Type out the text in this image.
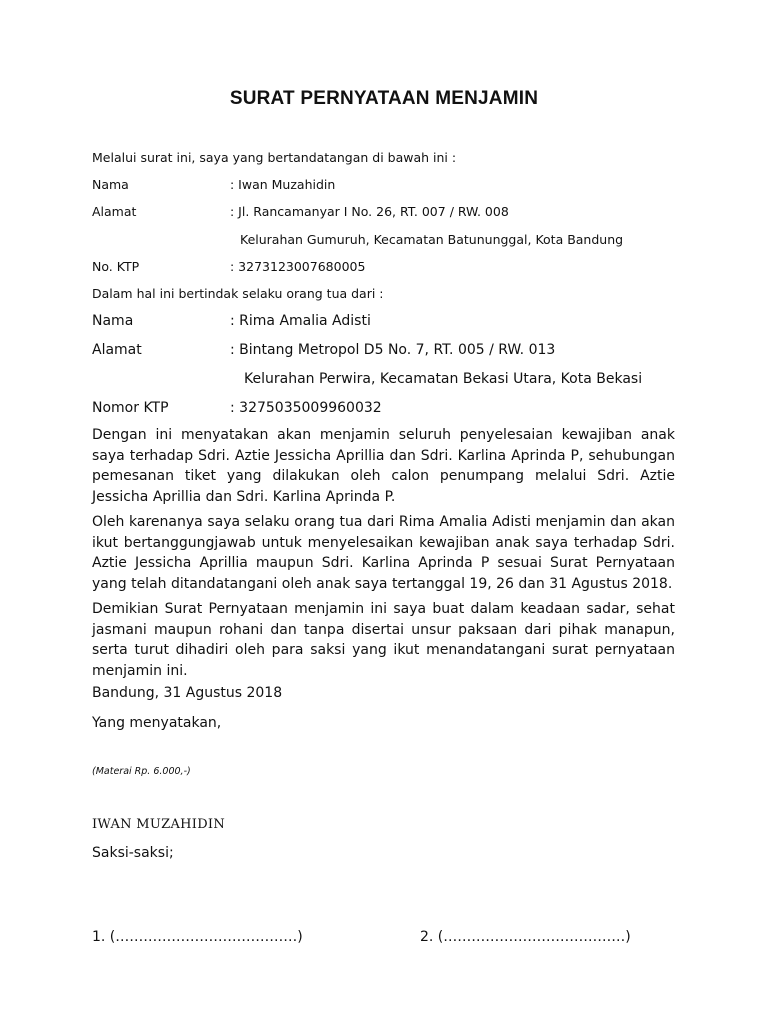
SURAT PERNYATAAN MENJAMIN
Melalui surat ini, saya yang bertandatangan di bawah ini :
Nama	: Iwan Muzahidin
Alamat	: Jl. Rancamanyar I No. 26, RT. 007 / RW. 008
Kelurahan Gumuruh, Kecamatan Batununggal, Kota Bandung
No. KTP	: 3273123007680005
Dalam hal ini bertindak selaku orang tua dari :
Nama	: Rima Amalia Adisti
Alamat	: Bintang Metropol D5 No. 7, RT. 005 / RW. 013
Kelurahan Perwira, Kecamatan Bekasi Utara, Kota Bekasi
Nomor KTP	: 3275035009960032

Dengan ini menyatakan akan menjamin seluruh penyelesaian kewajiban anak saya terhadap Sdri. Aztie Jessicha Aprillia dan Sdri. Karlina Aprinda P, sehubungan pemesanan tiket yang dilakukan oleh calon penumpang melalui Sdri. Aztie Jessicha Aprillia dan Sdri. Karlina Aprinda P.

Oleh karenanya saya selaku orang tua dari Rima Amalia Adisti menjamin dan akan ikut bertanggungjawab untuk menyelesaikan kewajiban anak saya terhadap Sdri. Aztie Jessicha Aprillia maupun Sdri. Karlina Aprinda P sesuai Surat Pernyataan yang telah ditandatangani oleh anak saya tertanggal 19, 26 dan 31 Agustus 2018.

Demikian Surat Pernyataan menjamin ini saya buat dalam keadaan sadar, sehat jasmani maupun rohani dan tanpa disertai unsur paksaan dari pihak manapun, serta turut dihadiri oleh para saksi yang ikut menandatangani surat pernyataan menjamin ini.

Bandung, 31 Agustus 2018
Yang menyatakan,
(Materai Rp. 6.000,-)
IWAN MUZAHIDIN
Saksi-saksi;
1. (…………………………………)	2. (…………………………………)
